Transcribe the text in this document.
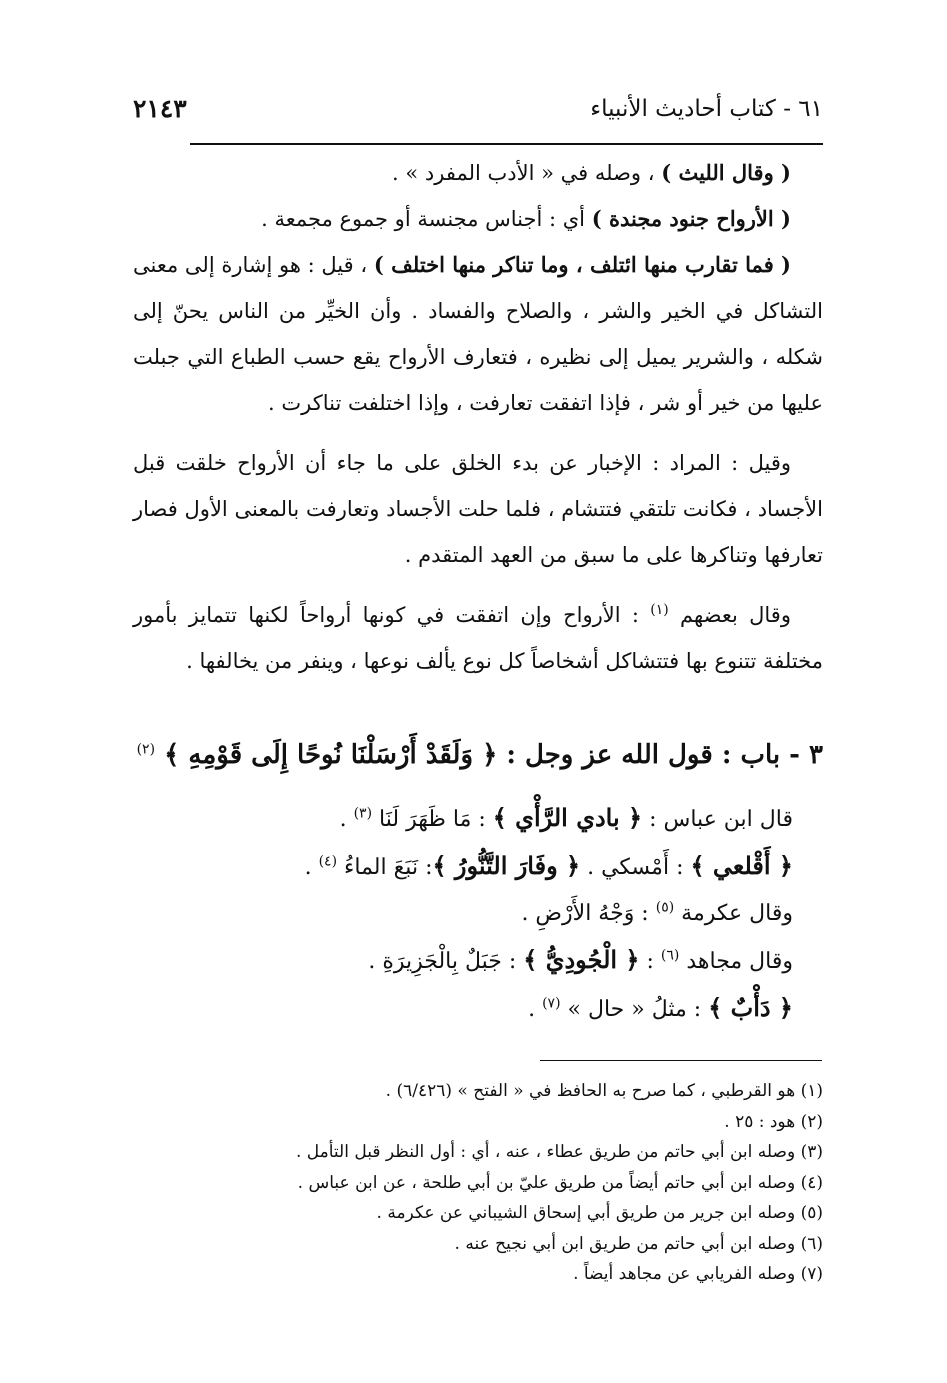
٦١ - كتاب أحاديث الأنبياء
٢١٤٣

( وقال الليث ) ، وصله في « الأدب المفرد » .

( الأرواح جنود مجندة ) أي : أجناس مجنسة أو جموع مجمعة .

( فما تقارب منها ائتلف ، وما تناكر منها اختلف ) ، قيل : هو إشارة إلى معنى التشاكل في الخير والشر ، والصلاح والفساد . وأن الخيِّر من الناس يحنّ إلى شكله ، والشرير يميل إلى نظيره ، فتعارف الأرواح يقع حسب الطباع التي جبلت عليها من خير أو شر ، فإذا اتفقت تعارفت ، وإذا اختلفت تناكرت .

وقيل : المراد : الإخبار عن بدء الخلق على ما جاء أن الأرواح خلقت قبل الأجساد ، فكانت تلتقي فتتشام ، فلما حلت الأجساد وتعارفت بالمعنى الأول فصار تعارفها وتناكرها على ما سبق من العهد المتقدم .

وقال بعضهم $^{(١)}$ : الأرواح وإن اتفقت في كونها أرواحاً لكنها تتمايز بأمور مختلفة تتنوع بها فتتشاكل أشخاصاً كل نوع يألف نوعها ، وينفر من يخالفها .

٣ - باب : قول الله عز وجل : ﴿ وَلَقَدْ أَرْسَلْنَا نُوحًا إِلَى قَوْمِهِ ﴾ $^{(٢)}$

قال ابن عباس : ﴿ بادي الرَّأْي ﴾ : مَا ظَهَرَ لَنَا $^{(٣)}$ .

﴿ أَقْلعي ﴾ : أَمْسكي . ﴿ وفَارَ التَّنُّورُ ﴾: نَبَعَ الماءُ $^{(٤)}$ .

وقال عكرمة $^{(٥)}$ : وَجْهُ الأَرْضِ .

وقال مجاهد $^{(٦)}$ : ﴿ الْجُودِيُّ ﴾ : جَبَلٌ بِالْجَزِيرَةِ .

﴿ دَأْبٌ ﴾ : مثلُ « حال » $^{(٧)}$ .

(١) هو القرطبي ، كما صرح به الحافظ في « الفتح » (٦/٤٢٦) .

(٢) هود : ٢٥ .

(٣) وصله ابن أبي حاتم من طريق عطاء ، عنه ، أي : أول النظر قبل التأمل .

(٤) وصله ابن أبي حاتم أيضاً من طريق عليّ بن أبي طلحة ، عن ابن عباس .

(٥) وصله ابن جرير من طريق أبي إسحاق الشيباني عن عكرمة .

(٦) وصله ابن أبي حاتم من طريق ابن أبي نجيح عنه .

(٧) وصله الفريابي عن مجاهد أيضاً .
